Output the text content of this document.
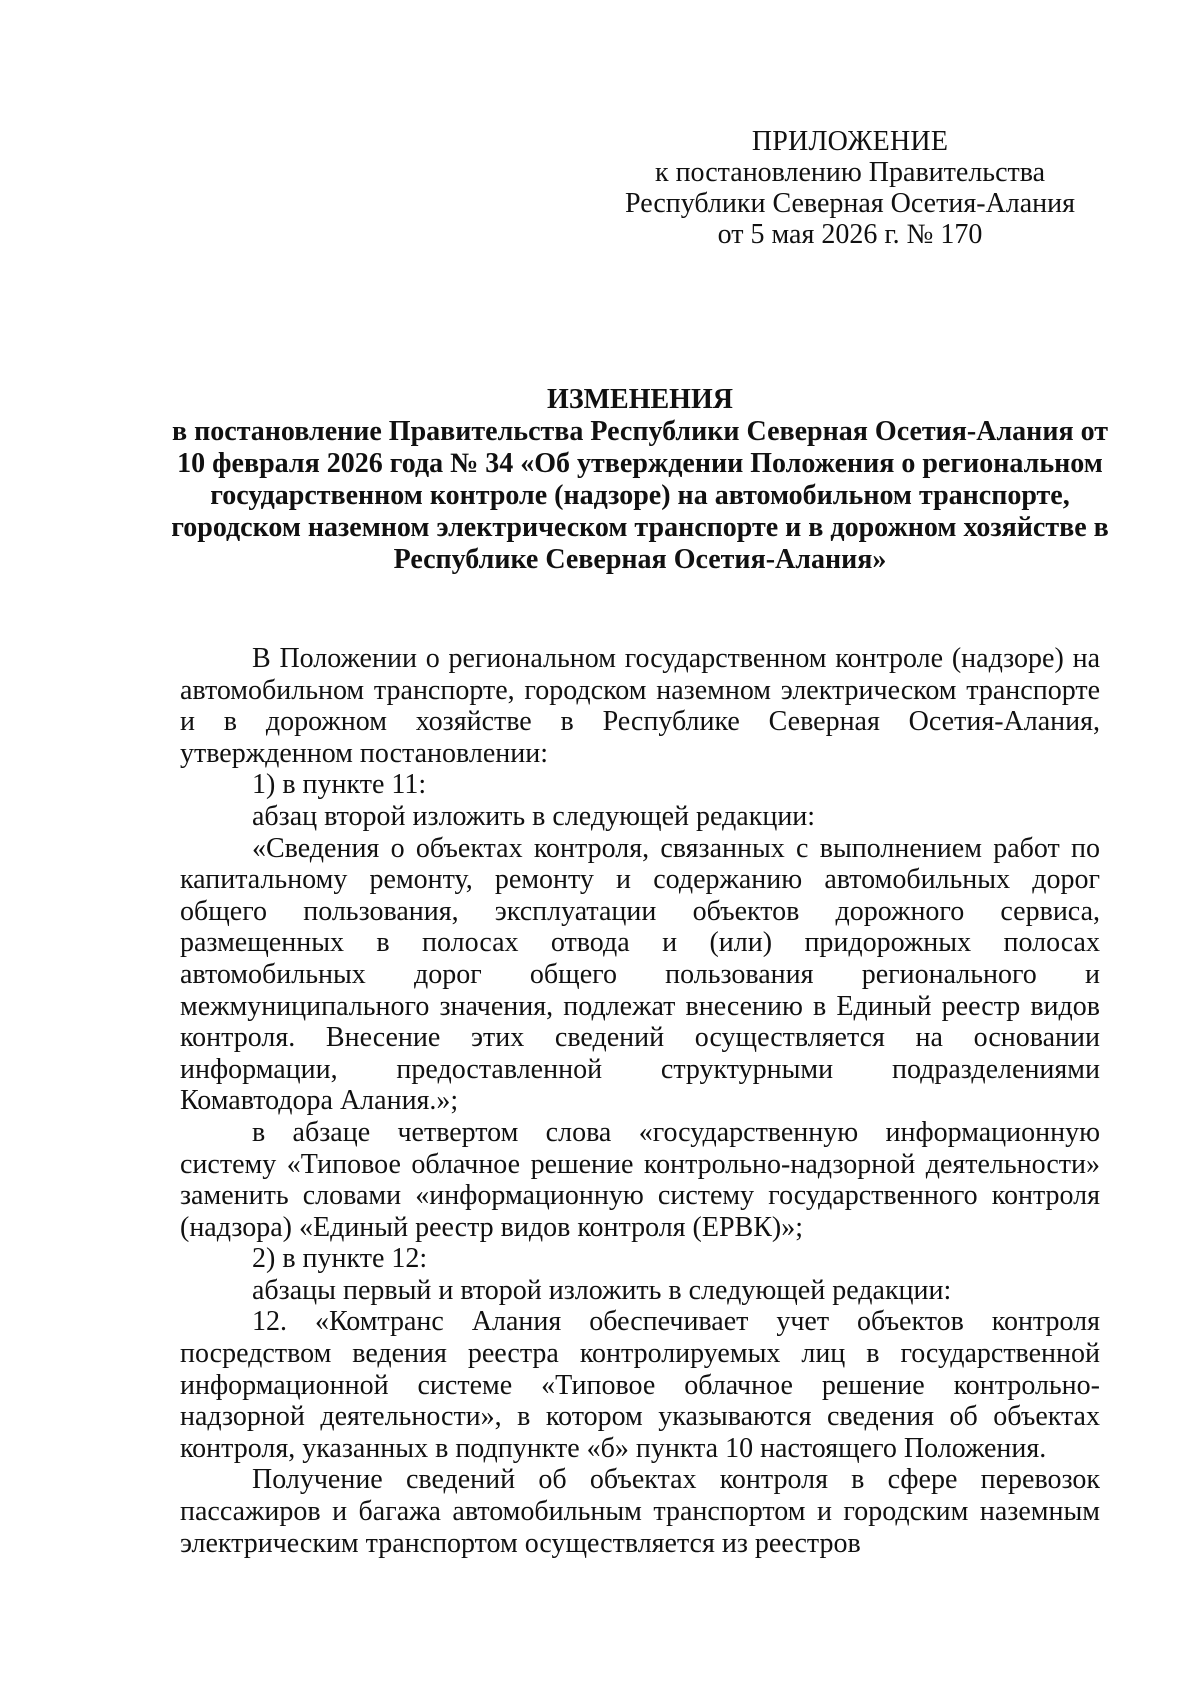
ПРИЛОЖЕНИЕ
к постановлению Правительства
Республики Северная Осетия-Алания
от 5 мая 2026 г. № 170
ИЗМЕНЕНИЯ
в постановление Правительства Республики Северная Осетия-Алания от 10 февраля 2026 года № 34 «Об утверждении Положения о региональном государственном контроле (надзоре) на автомобильном транспорте, городском наземном электрическом транспорте и в дорожном хозяйстве в Республике Северная Осетия-Алания»

В Положении о региональном государственном контроле (надзоре) на автомобильном транспорте, городском наземном электрическом транспорте и в дорожном хозяйстве в Республике Северная Осетия-Алания, утвержденном постановлении:

1) в пункте 11:

абзац второй изложить в следующей редакции:

«Сведения о объектах контроля, связанных с выполнением работ по капитальному ремонту, ремонту и содержанию автомобильных дорог общего пользования, эксплуатации объектов дорожного сервиса, размещенных в полосах отвода и (или) придорожных полосах автомобильных дорог общего пользования регионального и межмуниципального значения, подлежат внесению в Единый реестр видов контроля. Внесение этих сведений осуществляется на основании информации, предоставленной структурными подразделениями Комавтодора Алания.»;

в абзаце четвертом слова «государственную информационную систему «Типовое облачное решение контрольно-надзорной деятельности» заменить словами «информационную систему государственного контроля (надзора) «Единый реестр видов контроля (ЕРВК)»;

2) в пункте 12:

абзацы первый и второй изложить в следующей редакции:

12. «Комтранс Алания обеспечивает учет объектов контроля посредством ведения реестра контролируемых лиц в государственной информационной системе «Типовое облачное решение контрольно-надзорной деятельности», в котором указываются сведения об объектах контроля, указанных в подпункте «б» пункта 10 настоящего Положения.

Получение сведений об объектах контроля в сфере перевозок пассажиров и багажа автомобильным транспортом и городским наземным электрическим транспортом осуществляется из реестров
